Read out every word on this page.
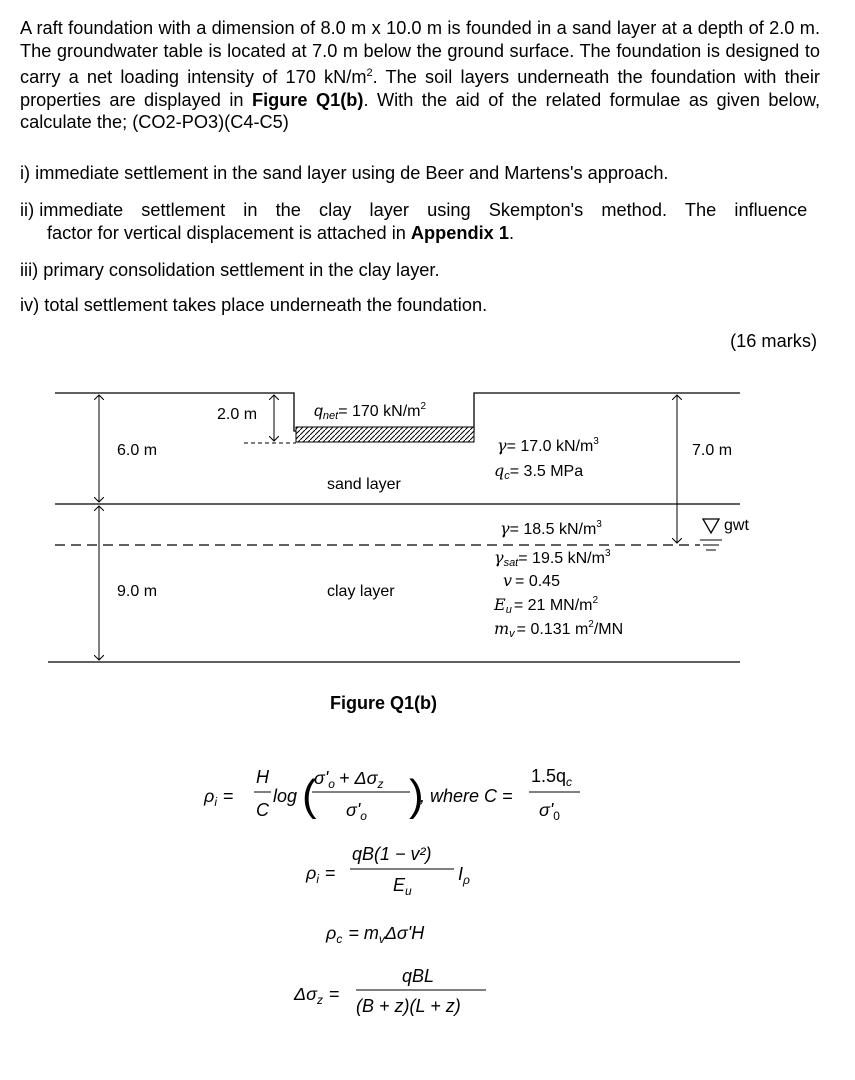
A raft foundation with a dimension of 8.0 m x 10.0 m is founded in a sand layer at a depth of 2.0 m. The groundwater table is located at 7.0 m below the ground surface. The foundation is designed to carry a net loading intensity of 170 $kN/m^2$. The soil layers underneath the foundation with their properties are displayed in Figure Q1(b). With the aid of the related formulae as given below, calculate the; (CO2-PO3)(C4-C5)
i) immediate settlement in the sand layer using de Beer and Martens's approach.
ii) immediate settlement in the clay layer using Skempton's method. The influence
factor for vertical displacement is attached in Appendix 1.
iii) primary consolidation settlement in the clay layer.
iv) total settlement takes place underneath the foundation.
(16 marks)
2.0 m	qnet= 170 $kN/m^2$
6.0 m
9.0 m
7.0 m
gwt
sand layer
clay layer
γ= 17.0 $kN/m^3$
qc= 3.5 MPa
γ= 18.5 $kN/m^3$
γsat= 19.5 $kN/m^3$
v = 0.45
Eu = 21 $MN/m^2$
mv = 0.131 $m^2/MN$
Figure Q1(b)
$\rho_i$ =
H
C
log (
$\sigma'_o + \Delta\sigma_z$
$\sigma'_o$ )
, where C =
$1.5q_c$
$\sigma'_0$
$\rho_i$ =
qB(1 − v²)
$E_u$
$I_\rho$
$\rho_c = m_v\Delta\sigma'H$
$\Delta\sigma_z$ =
qBL
(B + z)(L + z)
